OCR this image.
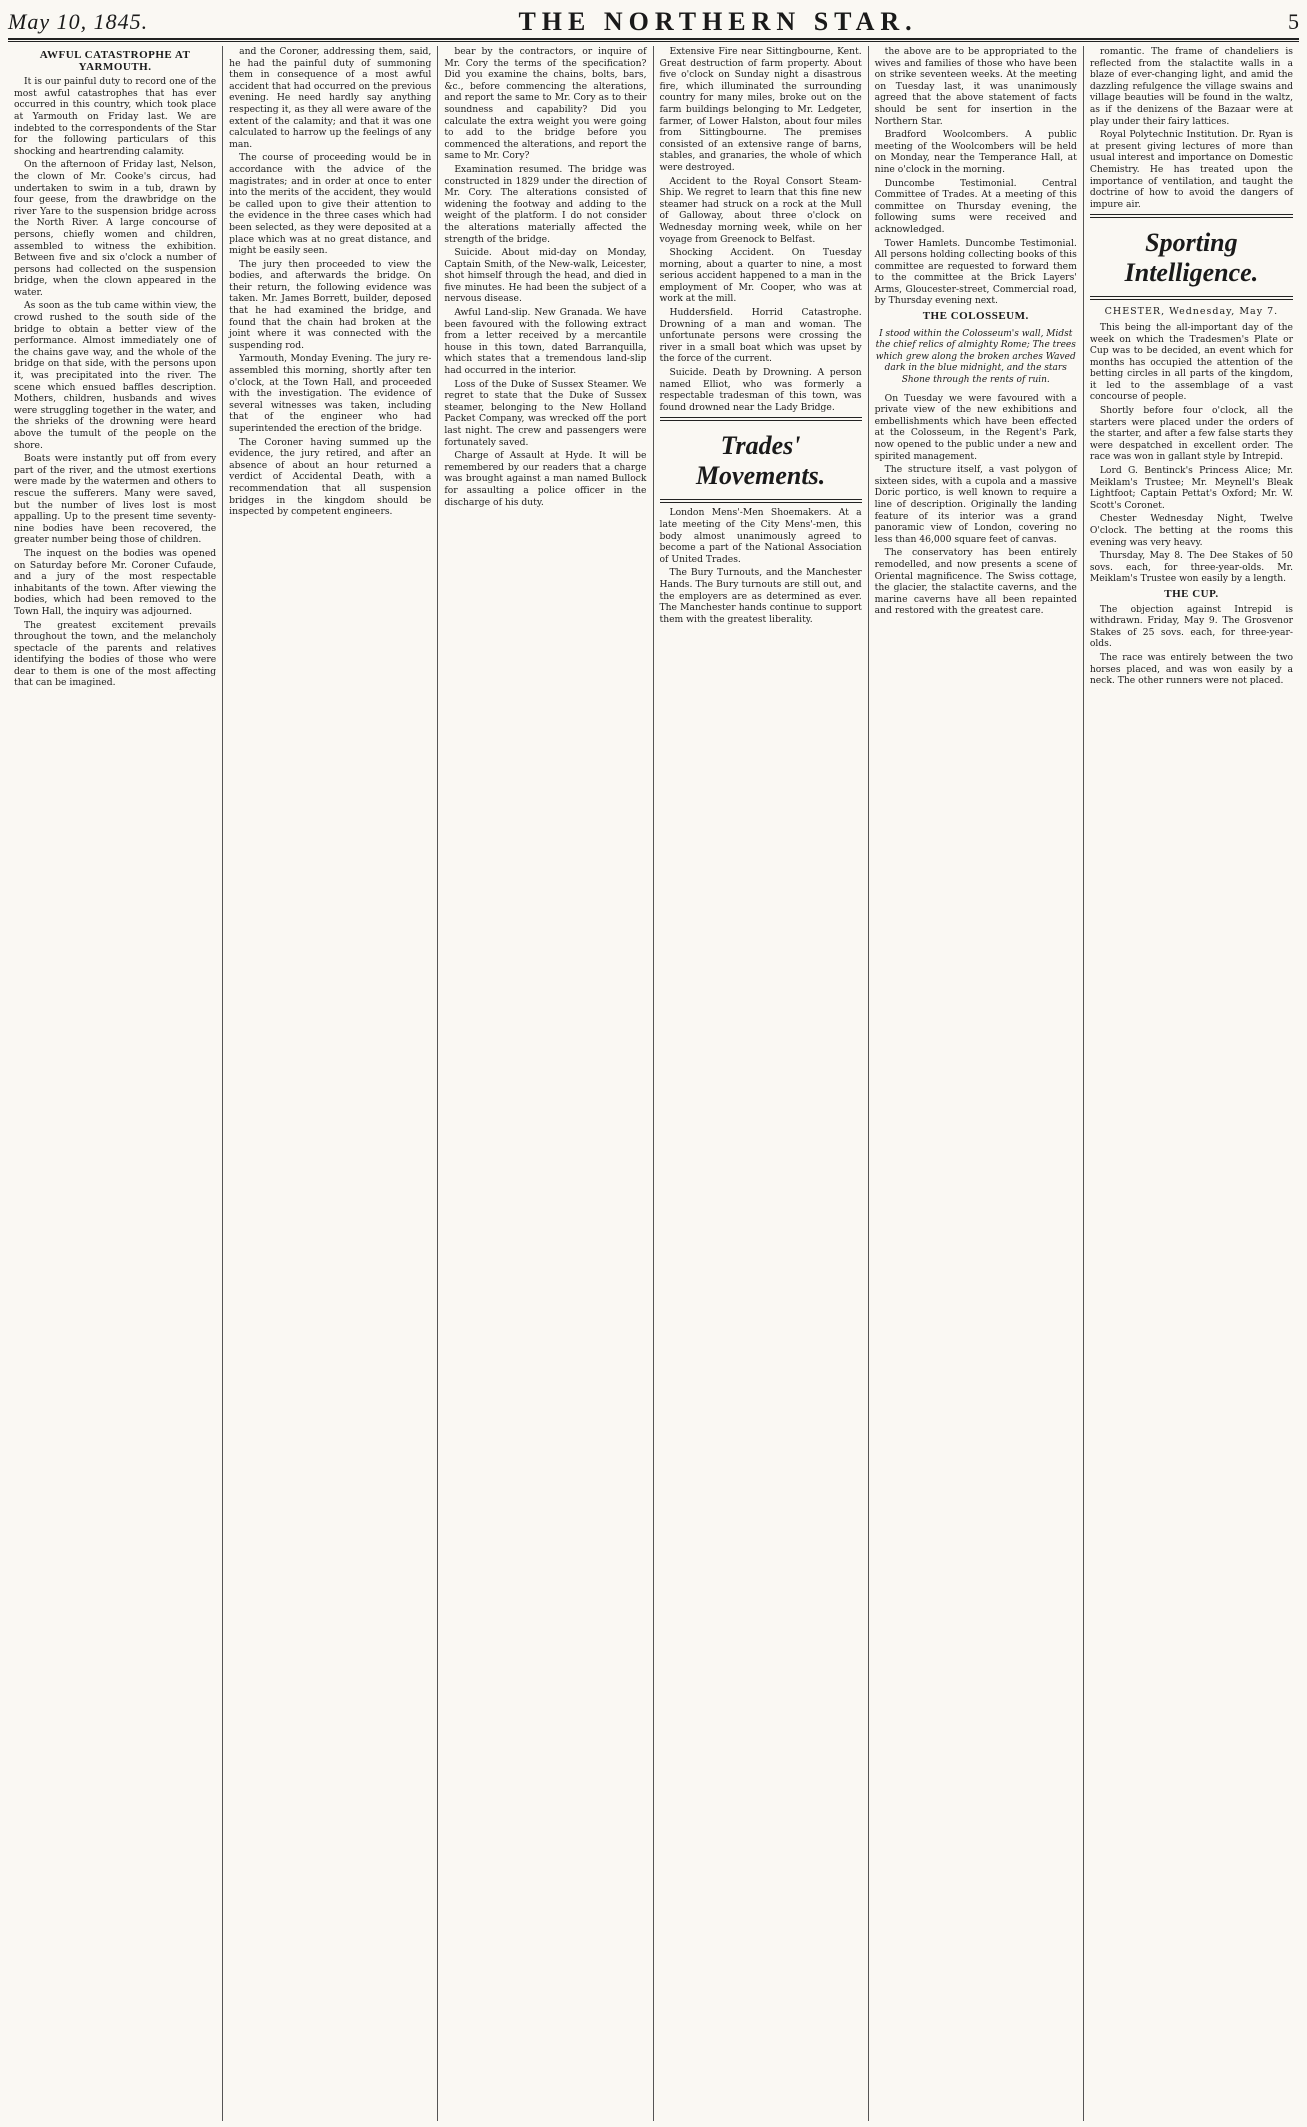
May 10, 1845.	THE NORTHERN STAR.	5
AWFUL CATASTROPHE AT YARMOUTH.

It is our painful duty to record one of the most awful catastrophes that has ever occurred in this country, which took place at Yarmouth on Friday last. We are indebted to the correspondents of the Star for the following particulars of this shocking and heartrending calamity.

On the afternoon of Friday last, Nelson, the clown of Mr. Cooke's circus, had undertaken to swim in a tub, drawn by four geese, from the drawbridge on the river Yare to the suspension bridge across the North River. A large concourse of persons, chiefly women and children, assembled to witness the exhibition. Between five and six o'clock a number of persons had collected on the suspension bridge, when the clown appeared in the water.

As soon as the tub came within view, the crowd rushed to the south side of the bridge to obtain a better view of the performance. Almost immediately one of the chains gave way, and the whole of the bridge on that side, with the persons upon it, was precipitated into the river. The scene which ensued baffles description. Mothers, children, husbands and wives were struggling together in the water, and the shrieks of the drowning were heard above the tumult of the people on the shore.

Boats were instantly put off from every part of the river, and the utmost exertions were made by the watermen and others to rescue the sufferers. Many were saved, but the number of lives lost is most appalling. Up to the present time seventy-nine bodies have been recovered, the greater number being those of children.

The inquest on the bodies was opened on Saturday before Mr. Coroner Cufaude, and a jury of the most respectable inhabitants of the town. After viewing the bodies, which had been removed to the Town Hall, the inquiry was adjourned.

The greatest excitement prevails throughout the town, and the melancholy spectacle of the parents and relatives identifying the bodies of those who were dear to them is one of the most affecting that can be imagined.

and the Coroner, addressing them, said, he had the painful duty of summoning them in consequence of a most awful accident that had occurred on the previous evening. He need hardly say anything respecting it, as they all were aware of the extent of the calamity; and that it was one calculated to harrow up the feelings of any man.

The course of proceeding would be in accordance with the advice of the magistrates; and in order at once to enter into the merits of the accident, they would be called upon to give their attention to the evidence in the three cases which had been selected, as they were deposited at a place which was at no great distance, and might be easily seen.

The jury then proceeded to view the bodies, and afterwards the bridge. On their return, the following evidence was taken. Mr. James Borrett, builder, deposed that he had examined the bridge, and found that the chain had broken at the joint where it was connected with the suspending rod.

Yarmouth, Monday Evening. The jury re-assembled this morning, shortly after ten o'clock, at the Town Hall, and proceeded with the investigation. The evidence of several witnesses was taken, including that of the engineer who had superintended the erection of the bridge.

The Coroner having summed up the evidence, the jury retired, and after an absence of about an hour returned a verdict of Accidental Death, with a recommendation that all suspension bridges in the kingdom should be inspected by competent engineers.

bear by the contractors, or inquire of Mr. Cory the terms of the specification? Did you examine the chains, bolts, bars, &c., before commencing the alterations, and report the same to Mr. Cory as to their soundness and capability? Did you calculate the extra weight you were going to add to the bridge before you commenced the alterations, and report the same to Mr. Cory?

Examination resumed. The bridge was constructed in 1829 under the direction of Mr. Cory. The alterations consisted of widening the footway and adding to the weight of the platform. I do not consider the alterations materially affected the strength of the bridge.

Suicide. About mid-day on Monday, Captain Smith, of the New-walk, Leicester, shot himself through the head, and died in five minutes. He had been the subject of a nervous disease.

Awful Land-slip. New Granada. We have been favoured with the following extract from a letter received by a mercantile house in this town, dated Barranquilla, which states that a tremendous land-slip had occurred in the interior.

Loss of the Duke of Sussex Steamer. We regret to state that the Duke of Sussex steamer, belonging to the New Holland Packet Company, was wrecked off the port last night. The crew and passengers were fortunately saved.

Charge of Assault at Hyde. It will be remembered by our readers that a charge was brought against a man named Bullock for assaulting a police officer in the discharge of his duty.

Extensive Fire near Sittingbourne, Kent. Great destruction of farm property. About five o'clock on Sunday night a disastrous fire, which illuminated the surrounding country for many miles, broke out on the farm buildings belonging to Mr. Ledgeter, farmer, of Lower Halston, about four miles from Sittingbourne. The premises consisted of an extensive range of barns, stables, and granaries, the whole of which were destroyed.

Accident to the Royal Consort Steam-Ship. We regret to learn that this fine new steamer had struck on a rock at the Mull of Galloway, about three o'clock on Wednesday morning week, while on her voyage from Greenock to Belfast.

Shocking Accident. On Tuesday morning, about a quarter to nine, a most serious accident happened to a man in the employment of Mr. Cooper, who was at work at the mill.

Huddersfield. Horrid Catastrophe. Drowning of a man and woman. The unfortunate persons were crossing the river in a small boat which was upset by the force of the current.

Suicide. Death by Drowning. A person named Elliot, who was formerly a respectable tradesman of this town, was found drowned near the Lady Bridge.

Trades' Movements.

London Mens'-Men Shoemakers. At a late meeting of the City Mens'-men, this body almost unanimously agreed to become a part of the National Association of United Trades.

The Bury Turnouts, and the Manchester Hands. The Bury turnouts are still out, and the employers are as determined as ever. The Manchester hands continue to support them with the greatest liberality.

the above are to be appropriated to the wives and families of those who have been on strike seventeen weeks. At the meeting on Tuesday last, it was unanimously agreed that the above statement of facts should be sent for insertion in the Northern Star.

Bradford Woolcombers. A public meeting of the Woolcombers will be held on Monday, near the Temperance Hall, at nine o'clock in the morning.

Duncombe Testimonial. Central Committee of Trades. At a meeting of this committee on Thursday evening, the following sums were received and acknowledged.

Tower Hamlets. Duncombe Testimonial. All persons holding collecting books of this committee are requested to forward them to the committee at the Brick Layers' Arms, Gloucester-street, Commercial road, by Thursday evening next.

THE COLOSSEUM.

I stood within the Colosseum's wall, Midst the chief relics of almighty Rome; The trees which grew along the broken arches Waved dark in the blue midnight, and the stars Shone through the rents of ruin.

On Tuesday we were favoured with a private view of the new exhibitions and embellishments which have been effected at the Colosseum, in the Regent's Park, now opened to the public under a new and spirited management.

The structure itself, a vast polygon of sixteen sides, with a cupola and a massive Doric portico, is well known to require a line of description. Originally the landing feature of its interior was a grand panoramic view of London, covering no less than 46,000 square feet of canvas.

The conservatory has been entirely remodelled, and now presents a scene of Oriental magnificence. The Swiss cottage, the glacier, the stalactite caverns, and the marine caverns have all been repainted and restored with the greatest care.

romantic. The frame of chandeliers is reflected from the stalactite walls in a blaze of ever-changing light, and amid the dazzling refulgence the village swains and village beauties will be found in the waltz, as if the denizens of the Bazaar were at play under their fairy lattices.

Royal Polytechnic Institution. Dr. Ryan is at present giving lectures of more than usual interest and importance on Domestic Chemistry. He has treated upon the importance of ventilation, and taught the doctrine of how to avoid the dangers of impure air.

Sporting Intelligence.
CHESTER, Wednesday, May 7.

This being the all-important day of the week on which the Tradesmen's Plate or Cup was to be decided, an event which for months has occupied the attention of the betting circles in all parts of the kingdom, it led to the assemblage of a vast concourse of people.

Shortly before four o'clock, all the starters were placed under the orders of the starter, and after a few false starts they were despatched in excellent order. The race was won in gallant style by Intrepid.

Lord G. Bentinck's Princess Alice; Mr. Meiklam's Trustee; Mr. Meynell's Bleak Lightfoot; Captain Pettat's Oxford; Mr. W. Scott's Coronet.

Chester Wednesday Night, Twelve O'clock. The betting at the rooms this evening was very heavy.

Thursday, May 8. The Dee Stakes of 50 sovs. each, for three-year-olds. Mr. Meiklam's Trustee won easily by a length.

THE CUP.

The objection against Intrepid is withdrawn. Friday, May 9. The Grosvenor Stakes of 25 sovs. each, for three-year-olds.

The race was entirely between the two horses placed, and was won easily by a neck. The other runners were not placed.
